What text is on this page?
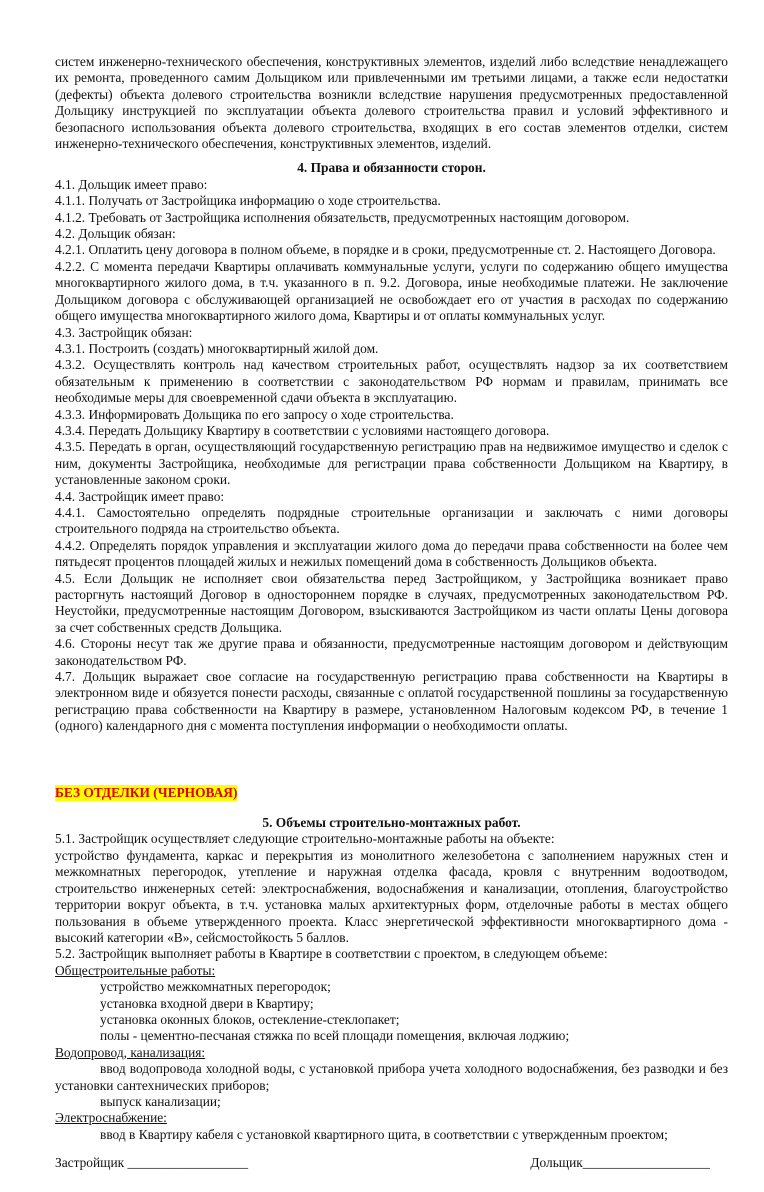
систем инженерно-технического обеспечения, конструктивных элементов, изделий либо вследствие ненадлежащего их ремонта, проведенного самим Дольщиком или привлеченными им третьими лицами, а также если недостатки (дефекты) объекта долевого строительства возникли вследствие нарушения предусмотренных предоставленной Дольщику инструкцией по эксплуатации объекта долевого строительства правил и условий эффективного и безопасного использования объекта долевого строительства, входящих в его состав элементов отделки, систем инженерно-технического обеспечения, конструктивных элементов, изделий.

4. Права и обязанности сторон.

4.1. Дольщик имеет право:

4.1.1. Получать от Застройщика информацию о ходе строительства.

4.1.2. Требовать от Застройщика исполнения обязательств, предусмотренных настоящим договором.

4.2. Дольщик обязан:

4.2.1. Оплатить цену договора в полном объеме, в порядке и в сроки, предусмотренные ст. 2. Настоящего Договора.

4.2.2. С момента передачи Квартиры оплачивать коммунальные услуги, услуги по содержанию общего имущества многоквартирного жилого дома, в т.ч. указанного в п. 9.2. Договора, иные необходимые платежи. Не заключение Дольщиком договора с обслуживающей организацией не освобождает его от участия в расходах по содержанию общего имущества многоквартирного жилого дома, Квартиры и от оплаты коммунальных услуг.

4.3. Застройщик обязан:

4.3.1. Построить (создать) многоквартирный жилой дом.

4.3.2. Осуществлять контроль над качеством строительных работ, осуществлять надзор за их соответствием обязательным к применению в соответствии с законодательством РФ нормам и правилам, принимать все необходимые меры для своевременной сдачи объекта в эксплуатацию.

4.3.3. Информировать Дольщика по его запросу о ходе строительства.

4.3.4. Передать Дольщику Квартиру в соответствии с условиями настоящего договора.

4.3.5. Передать в орган, осуществляющий государственную регистрацию прав на недвижимое имущество и сделок с ним, документы Застройщика, необходимые для регистрации права собственности Дольщиком на Квартиру, в установленные законом сроки.

4.4. Застройщик имеет право:

4.4.1. Самостоятельно определять подрядные строительные организации и заключать с ними договоры строительного подряда на строительство объекта.

4.4.2. Определять порядок управления и эксплуатации жилого дома до передачи права собственности на более чем пятьдесят процентов площадей жилых и нежилых помещений дома в собственность Дольщиков объекта.

4.5. Если Дольщик не исполняет свои обязательства перед Застройщиком, у Застройщика возникает право расторгнуть настоящий Договор в одностороннем порядке в случаях, предусмотренных законодательством РФ. Неустойки, предусмотренные настоящим Договором, взыскиваются Застройщиком из части оплаты Цены договора за счет собственных средств Дольщика.

4.6. Стороны несут так же другие права и обязанности, предусмотренные настоящим договором и действующим законодательством РФ.

4.7. Дольщик выражает свое согласие на государственную регистрацию права собственности на Квартиры в электронном виде и обязуется понести расходы, связанные с оплатой государственной пошлины за государственную регистрацию права собственности на Квартиру в размере, установленном Налоговым кодексом РФ, в течение 1 (одного) календарного дня с момента поступления информации о необходимости оплаты.

БЕЗ ОТДЕЛКИ (ЧЕРНОВАЯ)

5. Объемы строительно-монтажных работ.

5.1. Застройщик осуществляет следующие строительно-монтажные работы на объекте:

устройство фундамента, каркас и перекрытия из монолитного железобетона с заполнением наружных стен и межкомнатных перегородок, утепление и наружная отделка фасада, кровля с внутренним водоотводом, строительство инженерных сетей: электроснабжения, водоснабжения и канализации, отопления, благоустройство территории вокруг объекта, в т.ч. установка малых архитектурных форм, отделочные работы в местах общего пользования в объеме утвержденного проекта. Класс энергетической эффективности многоквартирного дома - высокий категории «В», сейсмостойкость 5 баллов.

5.2. Застройщик выполняет работы в Квартире в соответствии с проектом, в следующем объеме:

Общестроительные работы:

устройство межкомнатных перегородок;

установка входной двери в Квартиру;

установка оконных блоков, остекление-стеклопакет;

полы - цементно-песчаная стяжка по всей площади помещения, включая лоджию;

Водопровод, канализация:

ввод водопровода холодной воды, с установкой прибора учета холодного водоснабжения, без разводки и без установки сантехнических приборов;

выпуск канализации;

Электроснабжение:

ввод в Квартиру кабеля с установкой квартирного щита, в соответствии с утвержденным проектом;

Застройщик __________________	Дольщик___________________
